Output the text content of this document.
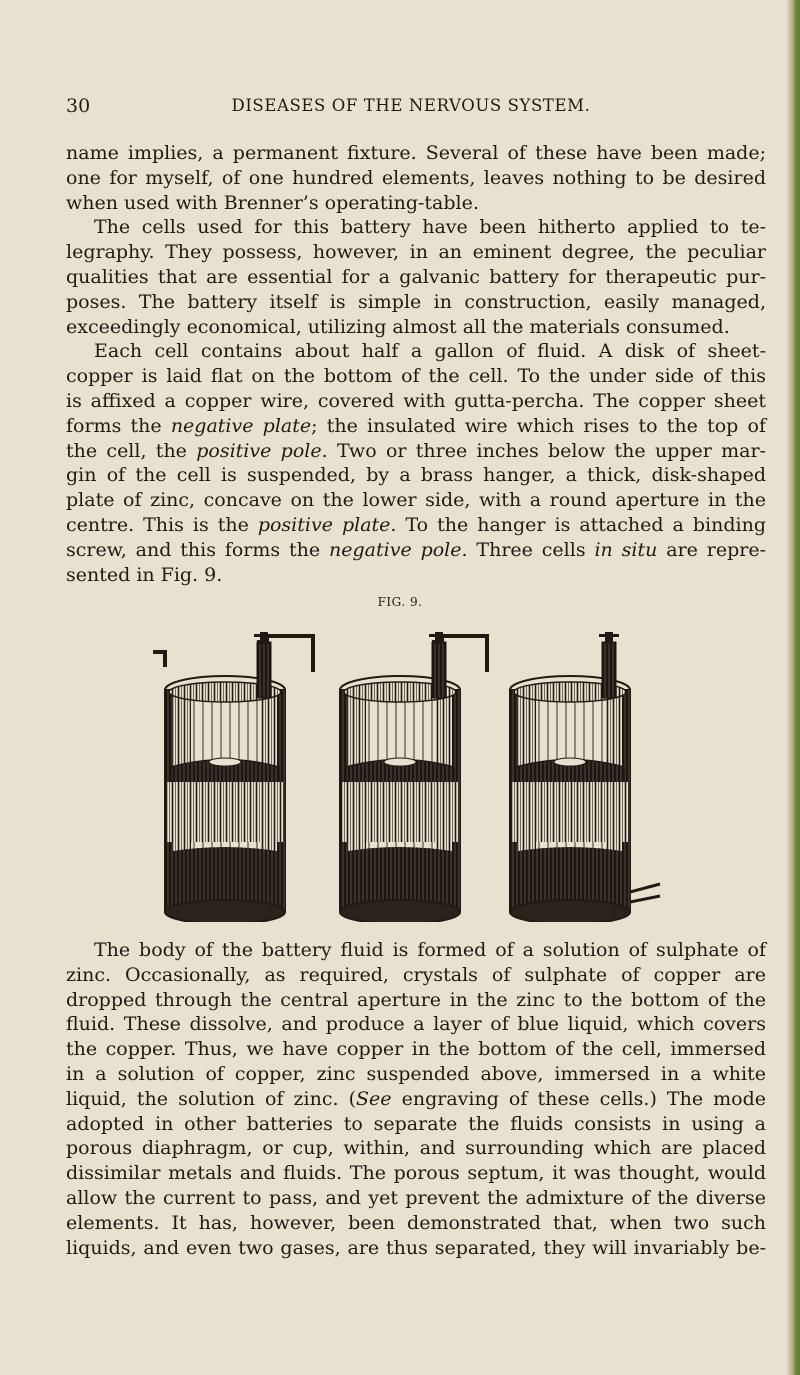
30	DISEASES OF THE NERVOUS SYSTEM.
name implies, a permanent fixture. Several of these have been made;
one for myself, of one hundred elements, leaves nothing to be desired
when used with Brenner’s operating-table.
The cells used for this battery have been hitherto applied to te-
legraphy. They possess, however, in an eminent degree, the peculiar
qualities that are essential for a galvanic battery for therapeutic pur-
poses. The battery itself is simple in construction, easily managed,
exceedingly economical, utilizing almost all the materials consumed.
Each cell contains about half a gallon of fluid. A disk of sheet-
copper is laid flat on the bottom of the cell. To the under side of this
is affixed a copper wire, covered with gutta-percha. The copper sheet
forms the negative plate; the insulated wire which rises to the top of
the cell, the positive pole. Two or three inches below the upper mar-
gin of the cell is suspended, by a brass hanger, a thick, disk-shaped
plate of zinc, concave on the lower side, with a round aperture in the
centre. This is the positive plate. To the hanger is attached a binding
screw, and this forms the negative pole. Three cells in situ are repre-
sented in Fig. 9.
FIG. 9.
The body of the battery fluid is formed of a solution of sulphate of
zinc. Occasionally, as required, crystals of sulphate of copper are
dropped through the central aperture in the zinc to the bottom of the
fluid. These dissolve, and produce a layer of blue liquid, which covers
the copper. Thus, we have copper in the bottom of the cell, immersed
in a solution of copper, zinc suspended above, immersed in a white
liquid, the solution of zinc. (See engraving of these cells.) The mode
adopted in other batteries to separate the fluids consists in using a
porous diaphragm, or cup, within, and surrounding which are placed
dissimilar metals and fluids. The porous septum, it was thought, would
allow the current to pass, and yet prevent the admixture of the diverse
elements. It has, however, been demonstrated that, when two such
liquids, and even two gases, are thus separated, they will invariably be-
